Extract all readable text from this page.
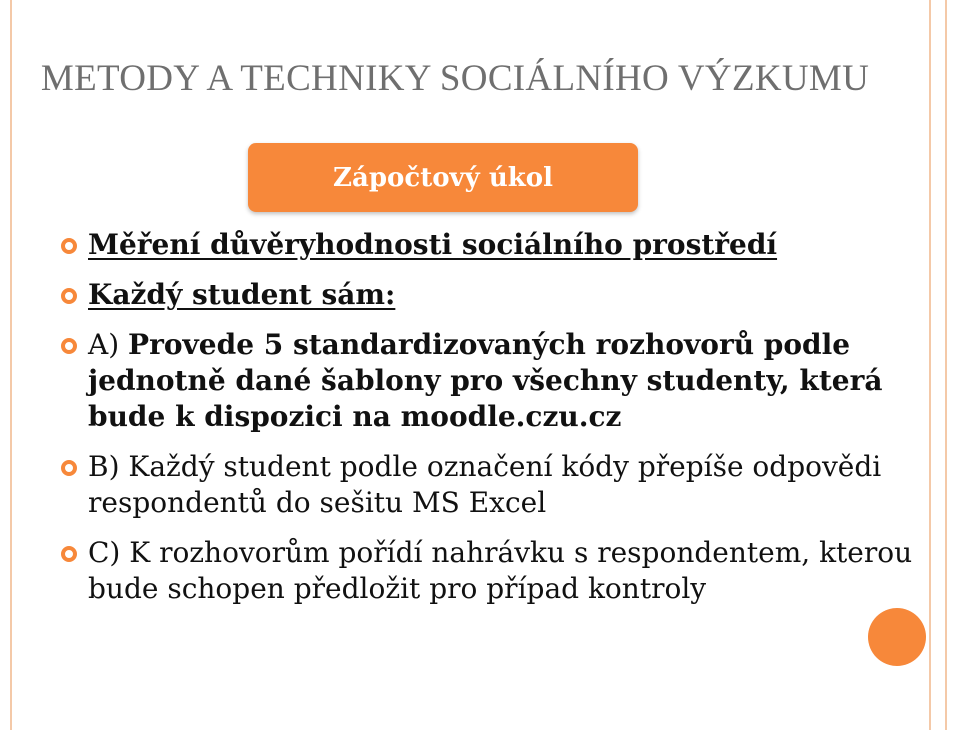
METODY A TECHNIKY SOCIÁLNÍHO VÝZKUMU
Zápočtový úkol
Měření důvěryhodnosti sociálního prostředí
Každý student sám:
A) Provede 5 standardizovaných rozhovorů podle jednotně dané šablony pro všechny studenty, která bude k dispozici na moodle.czu.cz
B) Každý student podle označení kódy přepíše odpovědi respondentů do sešitu MS Excel
C) K rozhovorům pořídí nahrávku s respondentem, kterou bude schopen předložit pro případ kontroly
